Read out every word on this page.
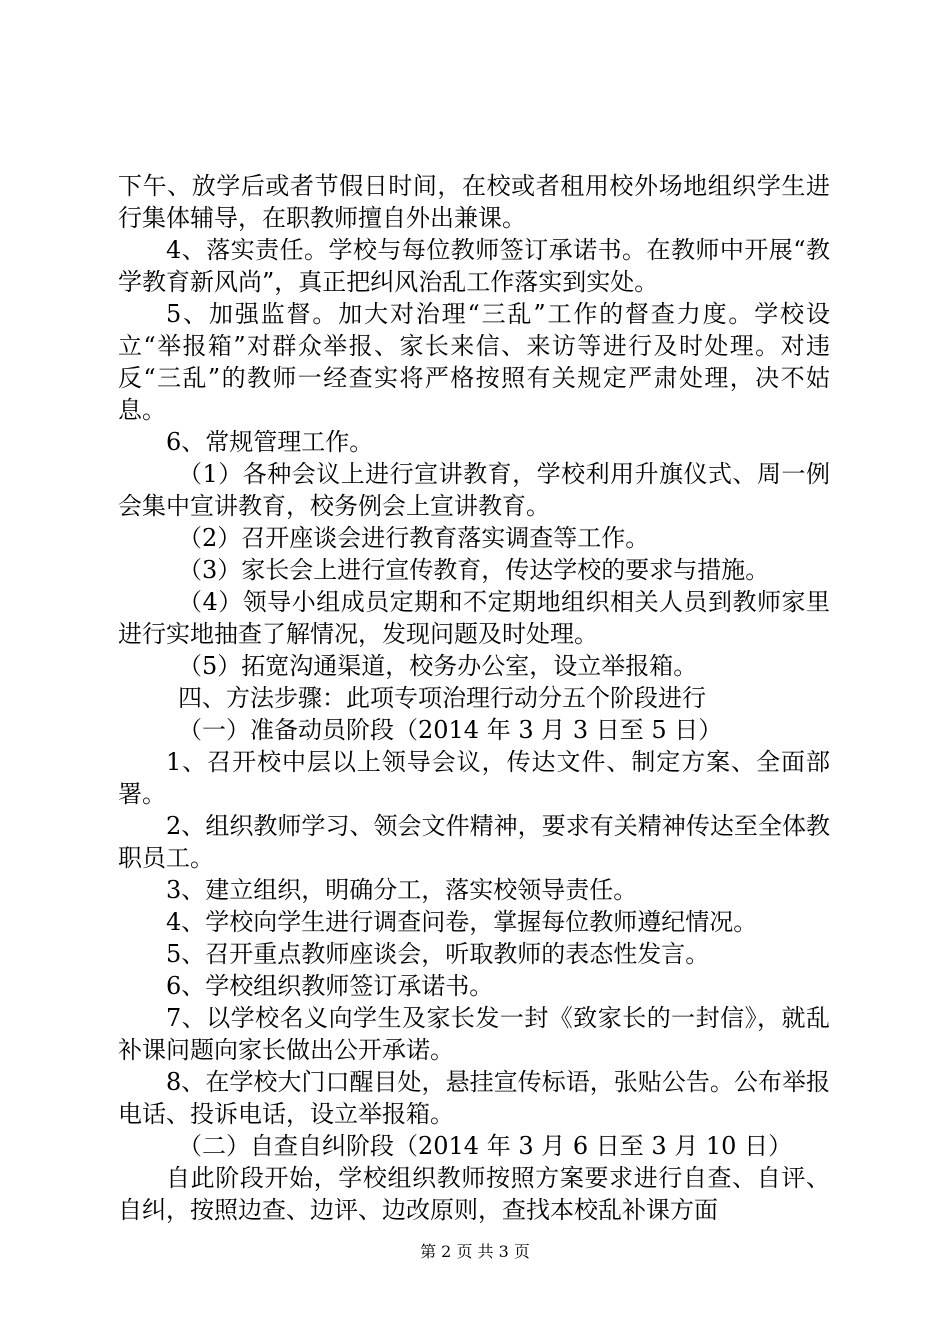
下午、放学后或者节假日时间，在校或者租用校外场地组织学生进行集体辅导，在职教师擅自外出兼课。

4、落实责任。学校与每位教师签订承诺书。在教师中开展“教学教育新风尚”，真正把纠风治乱工作落实到实处。

5、加强监督。加大对治理“三乱”工作的督查力度。学校设立“举报箱”对群众举报、家长来信、来访等进行及时处理。对违反“三乱”的教师一经查实将严格按照有关规定严肃处理，决不姑息。

6、常规管理工作。

（1）各种会议上进行宣讲教育，学校利用升旗仪式、周一例会集中宣讲教育，校务例会上宣讲教育。

（2）召开座谈会进行教育落实调查等工作。

（3）家长会上进行宣传教育，传达学校的要求与措施。

（4）领导小组成员定期和不定期地组织相关人员到教师家里进行实地抽查了解情况，发现问题及时处理。

（5）拓宽沟通渠道，校务办公室，设立举报箱。

四、方法步骤：此项专项治理行动分五个阶段进行

（一）准备动员阶段（2014 年 3 月 3 日至 5 日）

1、召开校中层以上领导会议，传达文件、制定方案、全面部署。

2、组织教师学习、领会文件精神，要求有关精神传达至全体教职员工。

3、建立组织，明确分工，落实校领导责任。

4、学校向学生进行调查问卷，掌握每位教师遵纪情况。

5、召开重点教师座谈会，听取教师的表态性发言。

6、学校组织教师签订承诺书。

7、以学校名义向学生及家长发一封《致家长的一封信》，就乱补课问题向家长做出公开承诺。

8、在学校大门口醒目处，悬挂宣传标语，张贴公告。公布举报电话、投诉电话，设立举报箱。

（二）自查自纠阶段（2014 年 3 月 6 日至 3 月 10 日）

自此阶段开始，学校组织教师按照方案要求进行自查、自评、自纠，按照边查、边评、边改原则，查找本校乱补课方面

第 2 页 共 3 页
